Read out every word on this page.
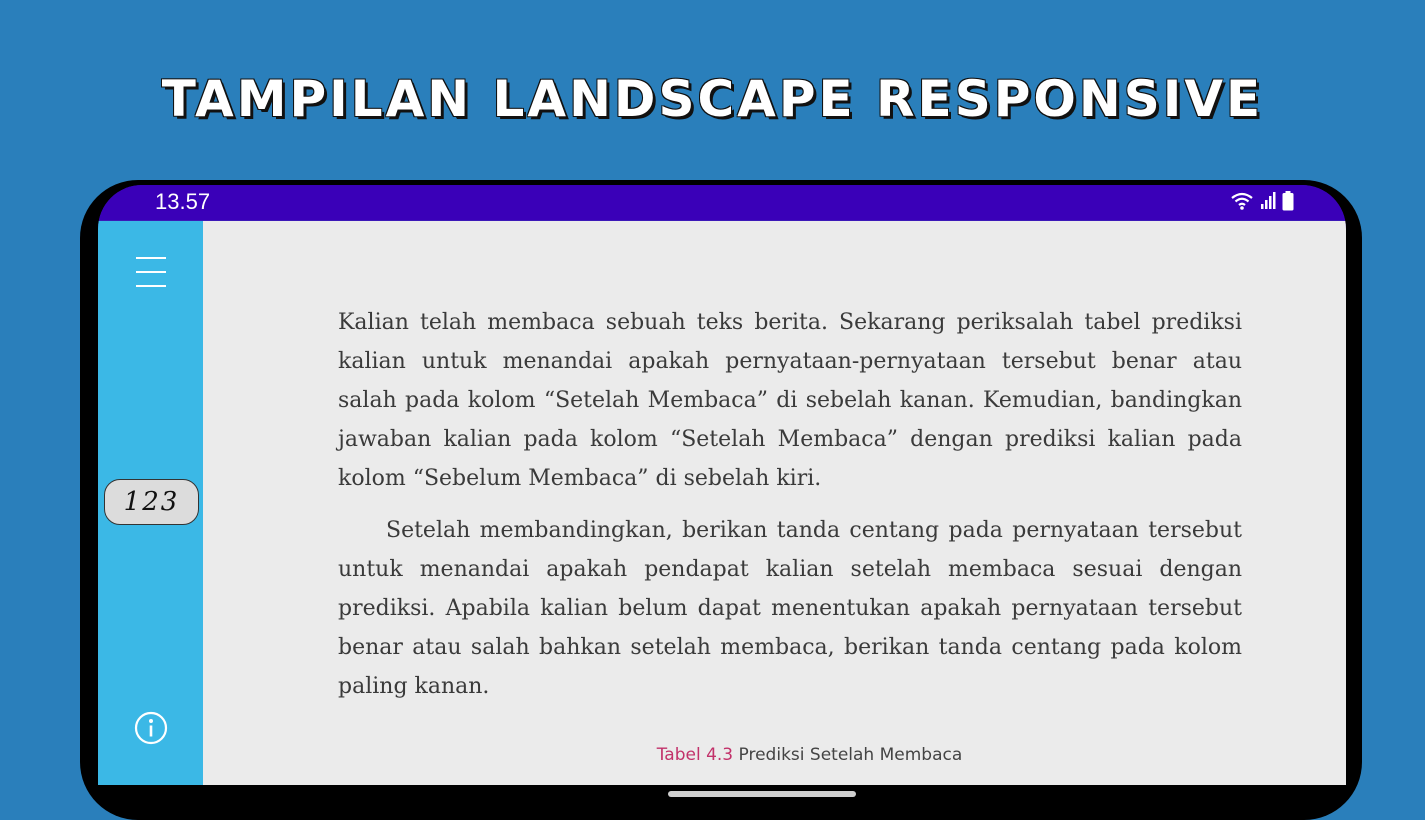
TAMPILAN LANDSCAPE RESPONSIVE
13.57
123

Kalian telah membaca sebuah teks berita. Sekarang periksalah tabel prediksi kalian untuk menandai apakah pernyataan-pernyataan tersebut benar atau salah pada kolom “Setelah Membaca” di sebelah kanan. Kemudian, bandingkan jawaban kalian pada kolom “Setelah Membaca” dengan prediksi kalian pada kolom “Sebelum Membaca” di sebelah kiri.

Setelah membandingkan, berikan tanda centang pada pernyataan tersebut untuk menandai apakah pendapat kalian setelah membaca sesuai dengan prediksi. Apabila kalian belum dapat menentukan apakah pernyataan tersebut benar atau salah bahkan setelah membaca, berikan tanda centang pada kolom paling kanan.

Tabel 4.3 Prediksi Setelah Membaca
